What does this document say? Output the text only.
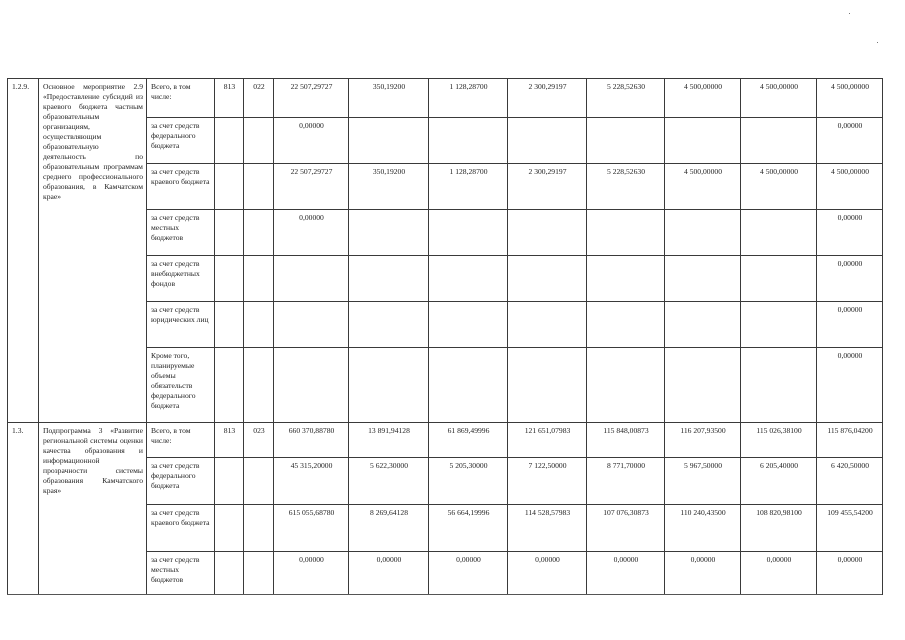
1.2.9.	Основное мероприятие 2.9 «Предоставление субсидий из краевого бюджета частным образовательным организациям, осуществляющим образовательную деятельность по образовательным программам среднего профессионального образования, в Камчатском крае»	Всего, в том числе:	813	022	22 507,29727	350,19200	1 128,28700	2 300,29197	5 228,52630	4 500,00000	4 500,00000	4 500,00000
		за счет средств федерального бюджета			0,00000							0,00000
		за счет средств краевого бюджета			22 507,29727	350,19200	1 128,28700	2 300,29197	5 228,52630	4 500,00000	4 500,00000	4 500,00000
		за счет средств местных бюджетов			0,00000							0,00000
		за счет средств внебюджетных фондов										0,00000
		за счет средств юридических лиц										0,00000
		Кроме того, планируемые объемы обязательств федерального бюджета										0,00000
1.3.	Подпрограмма 3 «Развитие региональной системы оценки качества образования и информационной прозрачности системы образования Камчатского края»	Всего, в том числе:	813	023	660 370,88780	13 891,94128	61 869,49996	121 651,07983	115 848,00873	116 207,93500	115 026,38100	115 876,04200
		за счет средств федерального бюджета			45 315,20000	5 622,30000	5 205,30000	7 122,50000	8 771,70000	5 967,50000	6 205,40000	6 420,50000
		за счет средств краевого бюджета			615 055,68780	8 269,64128	56 664,19996	114 528,57983	107 076,30873	110 240,43500	108 820,98100	109 455,54200
		за счет средств местных бюджетов			0,00000	0,00000	0,00000	0,00000	0,00000	0,00000	0,00000	0,00000
